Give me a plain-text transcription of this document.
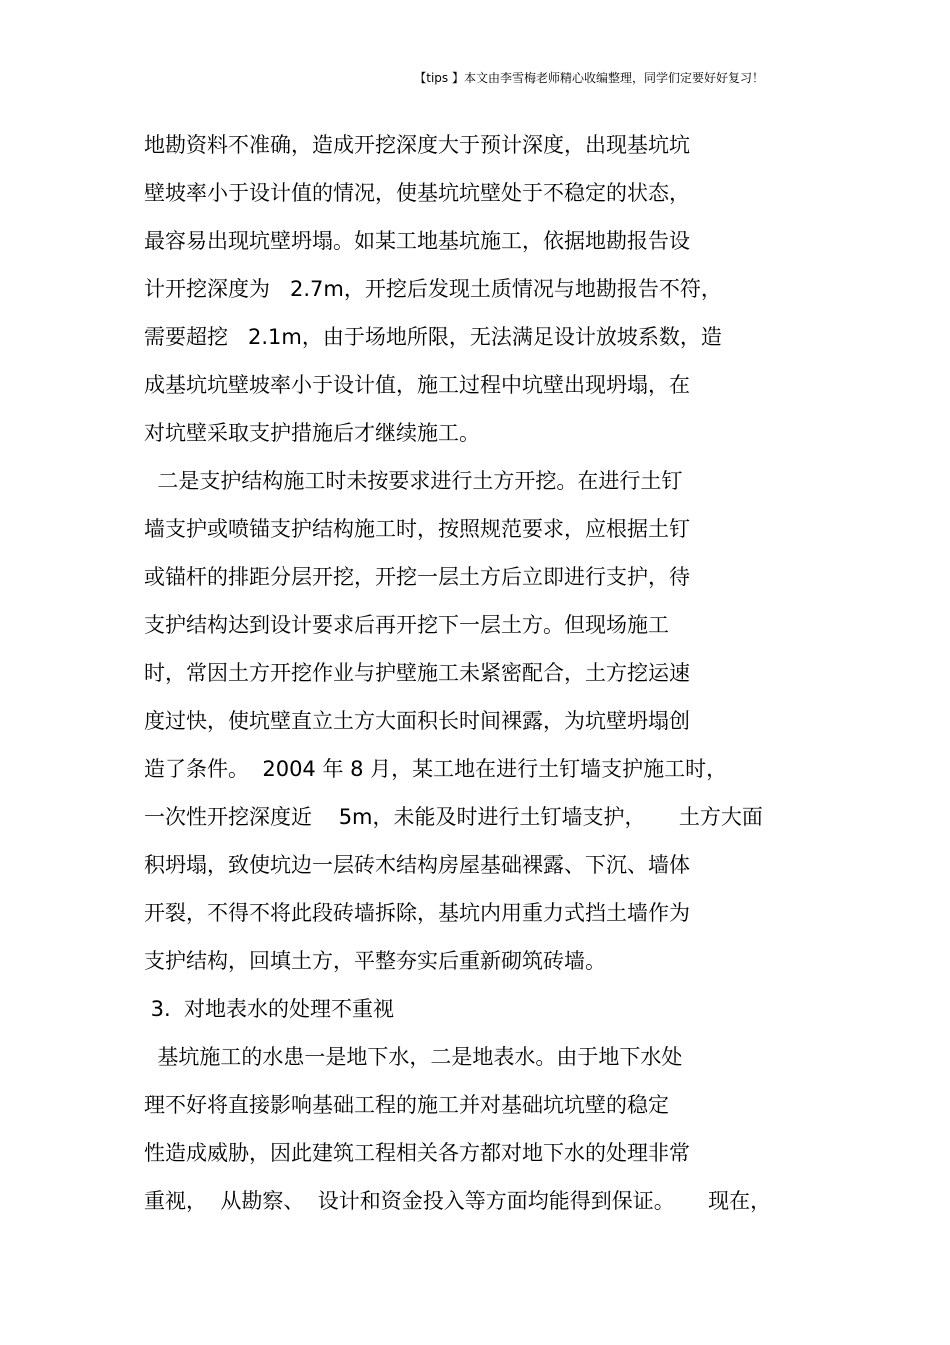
【tips 】本文由李雪梅老师精心收编整理，同学们定要好好复习！
地勘资料不准确，造成开挖深度大于预计深度，出现基坑坑
壁坡率小于设计值的情况，使基坑坑壁处于不稳定的状态，
最容易出现坑壁坍塌。如某工地基坑施工，依据地勘报告设
计开挖深度为   2.7m，开挖后发现土质情况与地勘报告不符，
需要超挖   2.1m，由于场地所限，无法满足设计放坡系数，造
成基坑坑壁坡率小于设计值，施工过程中坑壁出现坍塌，在
对坑壁采取支护措施后才继续施工。
二是支护结构施工时未按要求进行土方开挖。在进行土钉
墙支护或喷锚支护结构施工时，按照规范要求，应根据土钉
或锚杆的排距分层开挖，开挖一层土方后立即进行支护，待
支护结构达到设计要求后再开挖下一层土方。但现场施工
时，常因土方开挖作业与护壁施工未紧密配合，土方挖运速
度过快，使坑壁直立土方大面积长时间裸露，为坑壁坍塌创
造了条件。  2004 年 8 月，某工地在进行土钉墙支护施工时，
一次性开挖深度近    5m，未能及时进行土钉墙支护，     土方大面
积坍塌，致使坑边一层砖木结构房屋基础裸露、下沉、墙体
开裂，不得不将此段砖墙拆除，基坑内用重力式挡土墙作为
支护结构，回填土方，平整夯实后重新砌筑砖墙。
3.  对地表水的处理不重视
基坑施工的水患一是地下水，二是地表水。由于地下水处
理不好将直接影响基础工程的施工并对基础坑坑壁的稳定
性造成威胁，因此建筑工程相关各方都对地下水的处理非常
重视，  从勘察、  设计和资金投入等方面均能得到保证。     现在，
